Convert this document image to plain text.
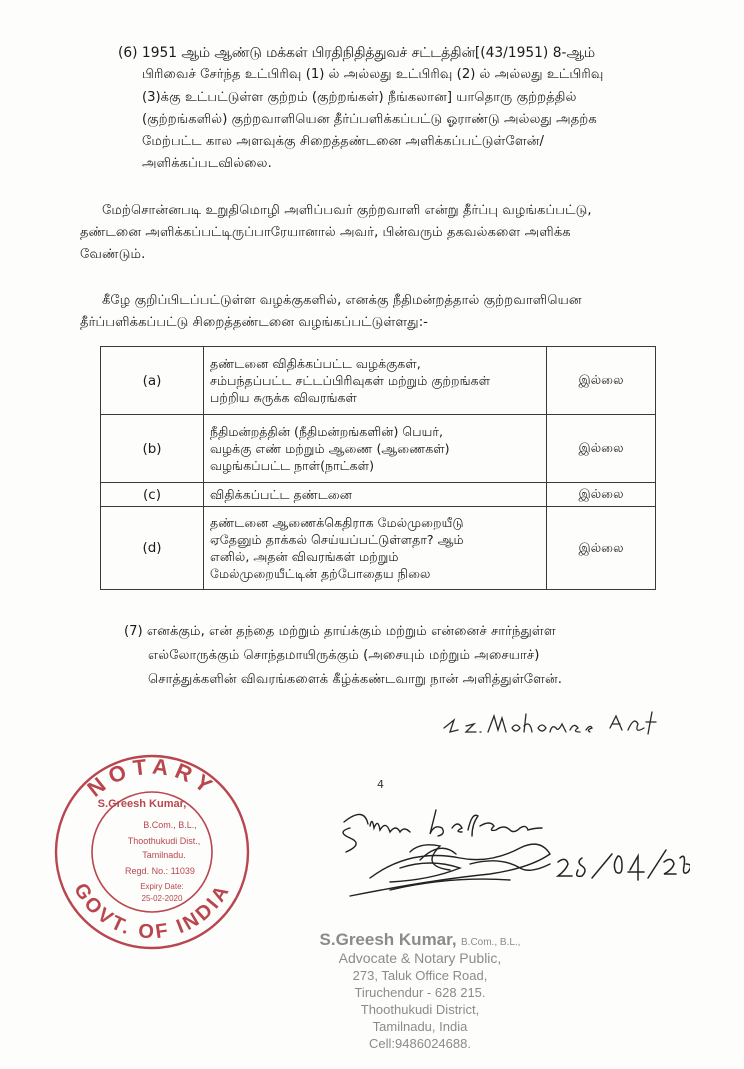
(6) 1951 ஆம் ஆண்டு மக்கள் பிரதிநிதித்துவச் சட்டத்தின்[(43/1951) 8-ஆம்
பிரிவைச் சேர்ந்த உட்பிரிவு (1) ல் அல்லது உட்பிரிவு (2) ல் அல்லது உட்பிரிவு
(3)க்கு உட்பட்டுள்ள குற்றம் (குற்றங்கள்) நீங்கலான] யாதொரு குற்றத்தில்
(குற்றங்களில்) குற்றவாளியென தீர்ப்பளிக்கப்பட்டு ஓராண்டு அல்லது அதற்க
மேற்பட்ட கால அளவுக்கு சிறைத்தண்டனை அளிக்கப்பட்டுள்ளேன்/
அளிக்கப்படவில்லை.
மேற்சொன்னபடி உறுதிமொழி அளிப்பவர் குற்றவாளி என்று தீர்ப்பு வழங்கப்பட்டு,
தண்டனை அளிக்கப்பட்டிருப்பாரேயானால் அவர், பின்வரும் தகவல்களை அளிக்க
வேண்டும்.
கீழே குறிப்பிடப்பட்டுள்ள வழக்குகளில், எனக்கு நீதிமன்றத்தால் குற்றவாளியென
தீர்ப்பளிக்கப்பட்டு சிறைத்தண்டனை வழங்கப்பட்டுள்ளது:-
(a)	தண்டனை விதிக்கப்பட்ட வழக்குகள்,
சம்பந்தப்பட்ட சட்டப்பிரிவுகள் மற்றும் குற்றங்கள்
பற்றிய சுருக்க விவரங்கள்	இல்லை
(b)	நீதிமன்றத்தின் (நீதிமன்றங்களின்) பெயர்,
வழக்கு எண் மற்றும் ஆணை (ஆணைகள்)
வழங்கப்பட்ட நாள்(நாட்கள்)	இல்லை
(c)	விதிக்கப்பட்ட தண்டனை	இல்லை
(d)	தண்டனை ஆணைக்கெதிராக மேல்முறையீடு
ஏதேனும் தாக்கல் செய்யப்பட்டுள்ளதா? ஆம்
எனில், அதன் விவரங்கள் மற்றும்
மேல்முறையீட்டின் தற்போதைய நிலை	இல்லை
(7) எனக்கும், என் தந்தை மற்றும் தாய்க்கும் மற்றும் என்னைச் சார்ந்துள்ள
எல்லோருக்கும் சொந்தமாயிருக்கும் (அசையும் மற்றும் அசையாச்)
சொத்துக்களின் விவரங்களைக் கீழ்க்கண்டவாறு நான் அளித்துள்ளேன்.
4
NOTARY
GOVT. OF INDIA
S.Greesh Kumar,
B.Com., B.L.,
Thoothukudi Dist.,
Tamilnadu.
Regd. No.: 11039
Expiry Date:
25-02-2020
S.Greesh Kumar, B.Com., B.L.,
Advocate & Notary Public,
273, Taluk Office Road,
Tiruchendur - 628 215.
Thoothukudi District,
Tamilnadu, India
Cell:9486024688.
